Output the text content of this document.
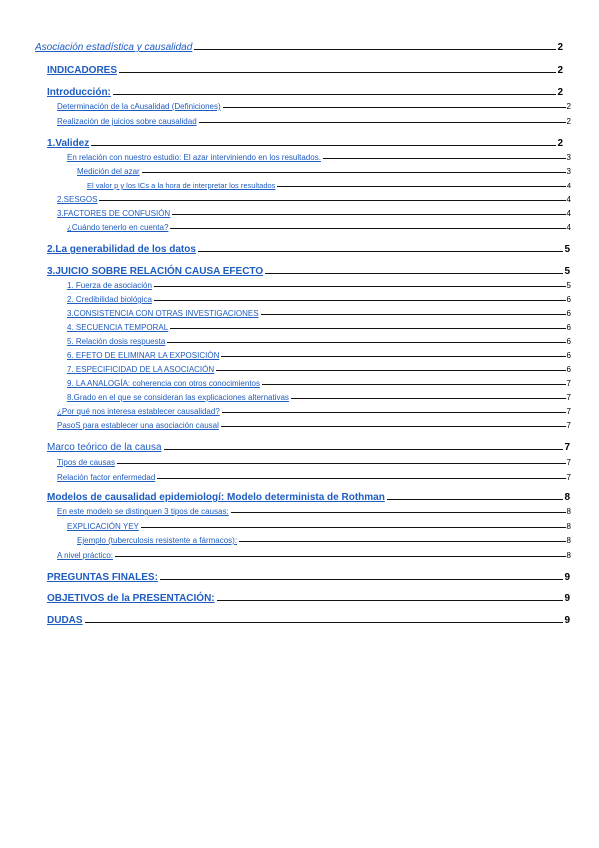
Asociación estadística y causalidad	2
INDICADORES	2
Introducción:	2
Determinación de la cAusalidad (Definiciones)	2
Realización de juicios sobre causalidad	2
1.Validez	2
En relación con nuestro estudio: El azar interviniendo en los resultados.	3
Medición del azar	3
El valor p y los ICs a la hora de interpretar los resultados	4
2.SESGOS	4
3.FACTORES DE CONFUSIÓN	4
¿Cuándo tenerlo en cuenta?	4
2.La generabilidad de los datos	5
3.JUICIO SOBRE RELACIÓN CAUSA EFECTO	5
1. Fuerza de asociación	5
2. Credibilidad biológica	6
3.CONSISTENCIA CON OTRAS INVESTIGACIONES	6
4. SECUENCIA TEMPORAL	6
5. Relación dosis respuesta	6
6. EFETO DE ELIMINAR LA EXPOSICIÓN	6
7. ESPECIFICIDAD DE LA ASOCIACIÓN	6
9. LA ANALOGÍA: coherencia con otros conocimientos	7
8.Grado en el que se consideran las explicaciones alternativas	7
¿Por qué nos interesa establecer causalidad?	7
PasoS para establecer una asociación causal	7
Marco teórico de la causa	7
Tipos de causas	7
Relación factor enfermedad	7
Modelos de causalidad epidemiologí: Modelo determinista de Rothman	8
En este modelo se distinguen 3 tipos de causas:	8
EXPLICACIÓN YEY	8
Ejemplo (tuberculosis resistente a fármacos):	8
A nivel práctico:	8
PREGUNTAS FINALES:	9
OBJETIVOS de la PRESENTACIÓN:	9
DUDAS	9
